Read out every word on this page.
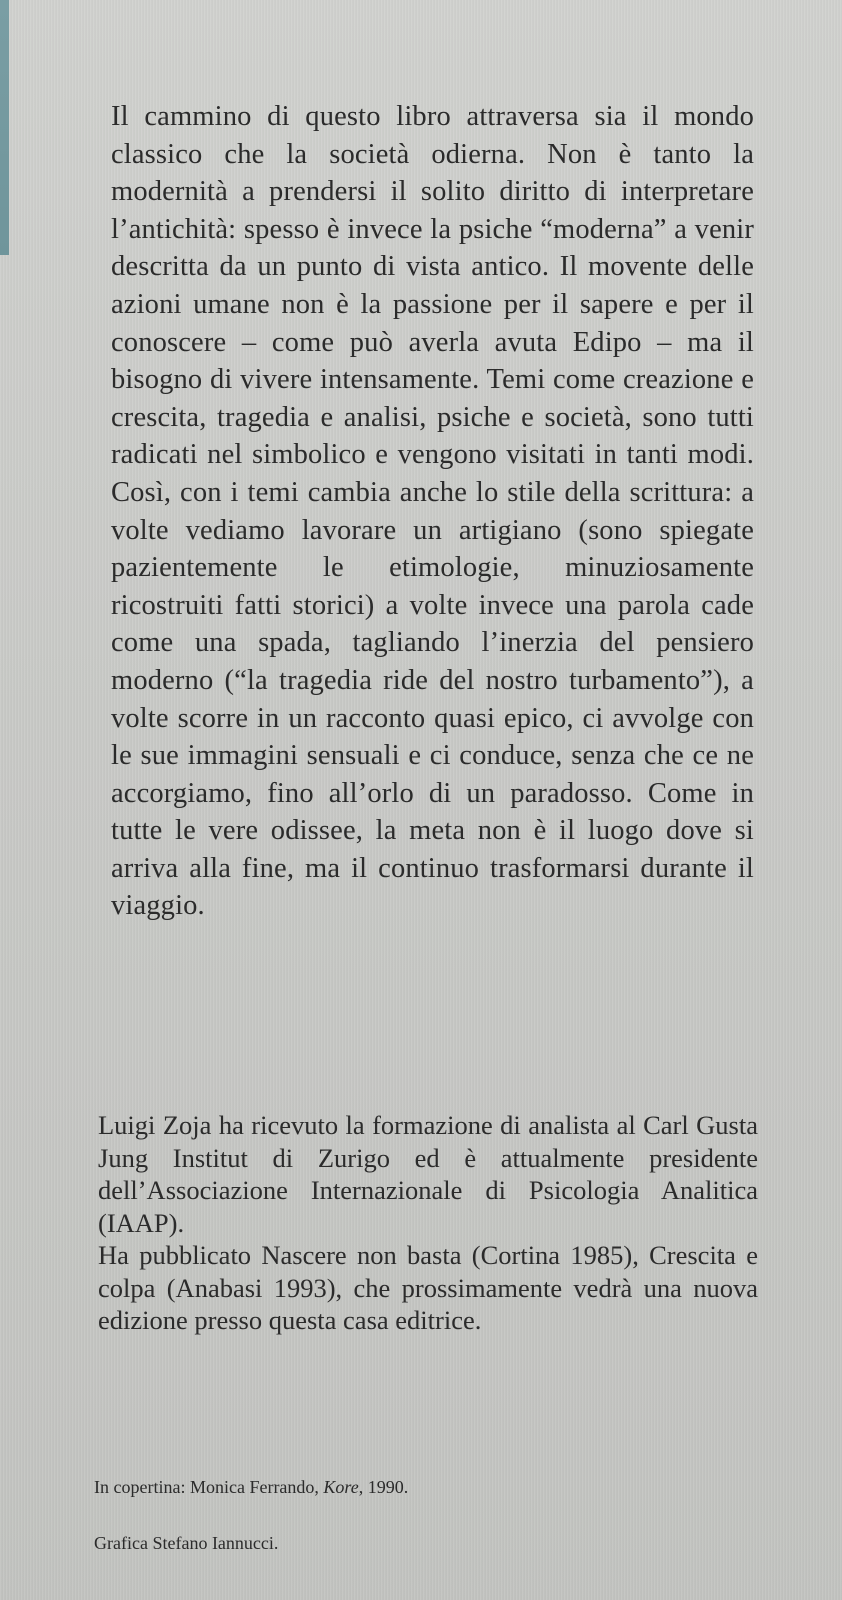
Il cammino di questo libro attraversa sia il mondo classico che la società odierna. Non è tanto la modernità a prendersi il solito diritto di interpretare l’antichità: spesso è invece la psiche “moderna” a venir descritta da un punto di vista antico. Il movente delle azioni umane non è la passione per il sapere e per il conoscere – come può averla avuta Edipo – ma il bisogno di vivere intensamente. Temi come creazione e crescita, tragedia e analisi, psiche e società, sono tutti radicati nel simbolico e vengono visitati in tanti modi. Così, con i temi cambia anche lo stile della scrittura: a volte vediamo lavorare un artigiano (sono spiegate pazientemente le etimologie, minuziosamente ricostruiti fatti storici) a volte invece una parola cade come una spada, tagliando l’inerzia del pensiero moderno (“la tragedia ride del nostro turbamento”), a volte scorre in un racconto quasi epico, ci avvolge con le sue immagini sensuali e ci conduce, senza che ce ne accorgiamo, fino all’orlo di un paradosso. Come in tutte le vere odissee, la meta non è il luogo dove si arriva alla fine, ma il continuo trasformarsi durante il viaggio.

Luigi Zoja ha ricevuto la formazione di analista al Carl Gusta Jung Institut di Zurigo ed è attualmente presidente dell’Associazione Internazionale di Psicologia Analitica (IAAP).

Ha pubblicato Nascere non basta (Cortina 1985), Crescita e colpa (Anabasi 1993), che prossimamente vedrà una nuova edizione presso questa casa editrice.

In copertina: Monica Ferrando, Kore, 1990.

Grafica Stefano Iannucci.
